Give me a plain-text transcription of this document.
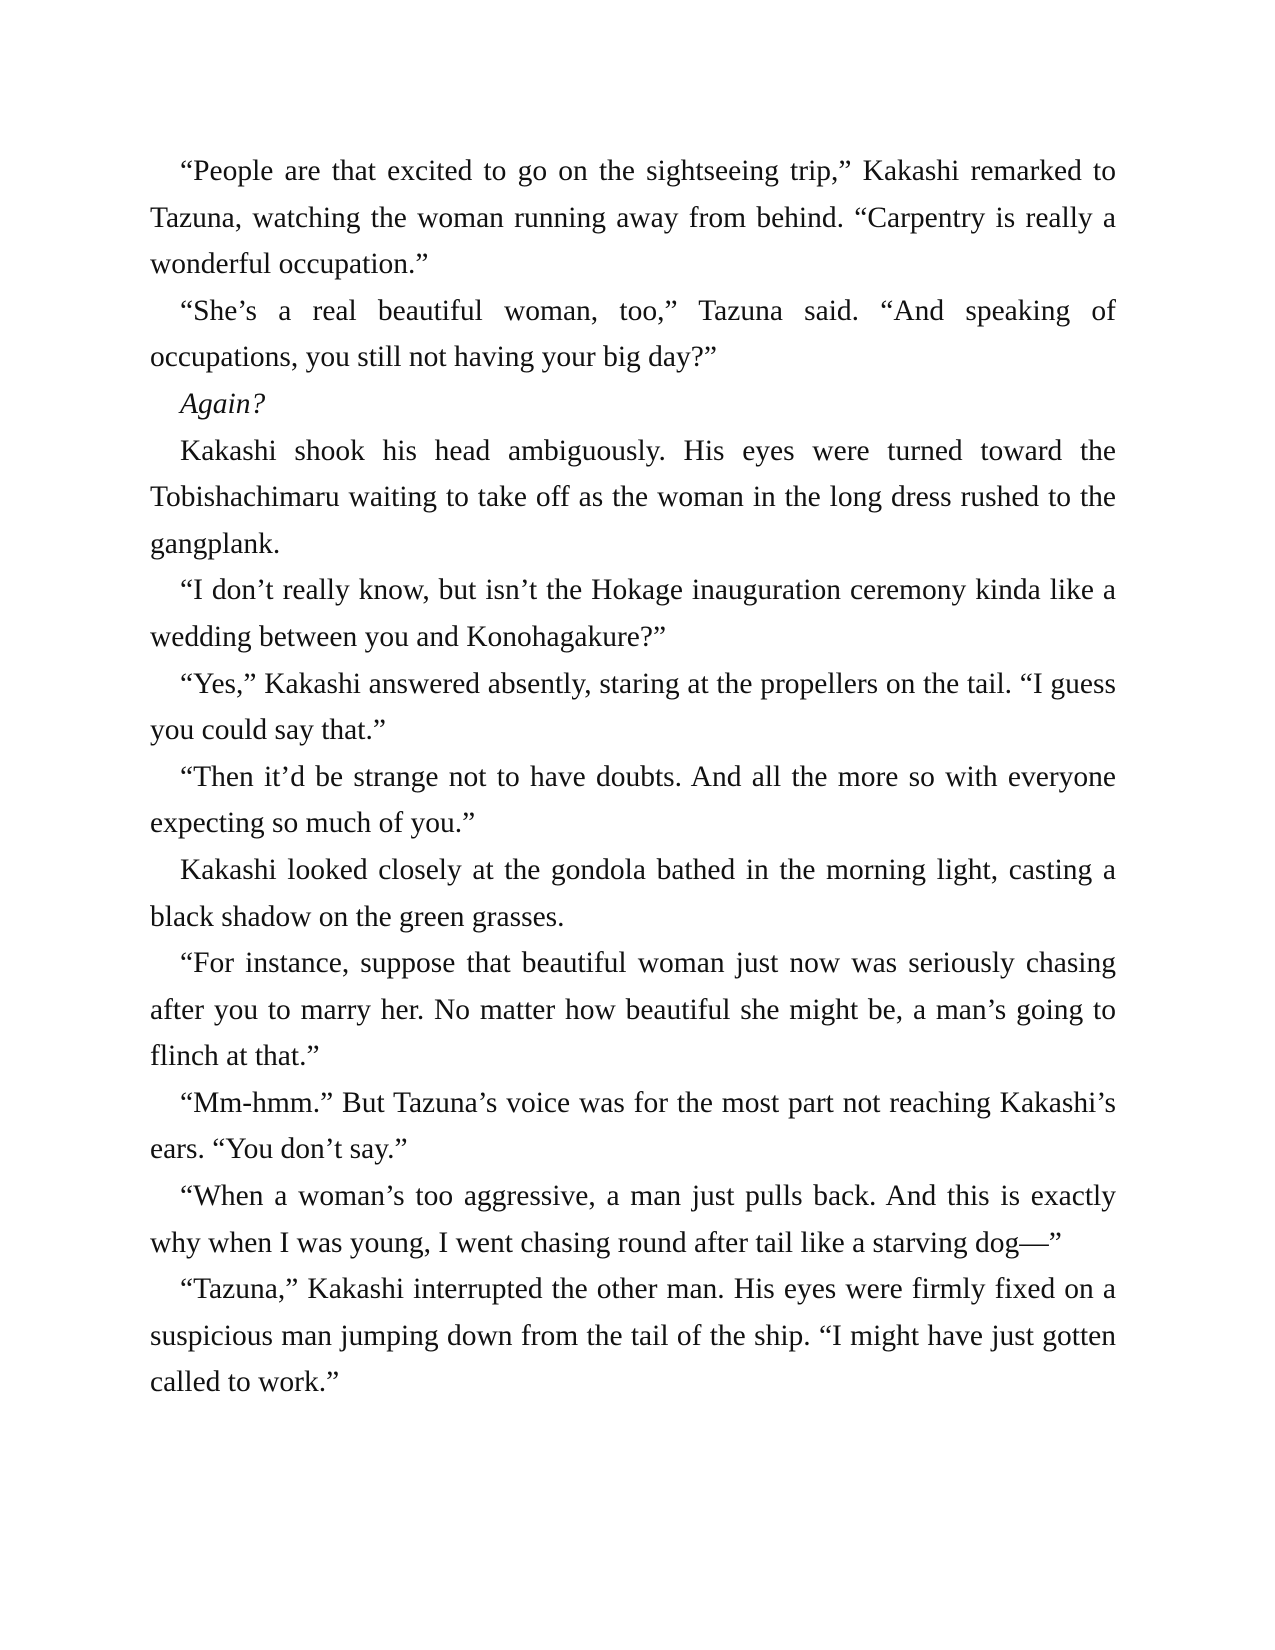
“People are that excited to go on the sightseeing trip,” Kakashi remarked to Tazuna, watching the woman running away from behind. “Carpentry is really a wonderful occupation.”

“She’s a real beautiful woman, too,” Tazuna said. “And speaking of occupations, you still not having your big day?”

Again?

Kakashi shook his head ambiguously. His eyes were turned toward the Tobishachimaru waiting to take off as the woman in the long dress rushed to the gangplank.

“I don’t really know, but isn’t the Hokage inauguration ceremony kinda like a wedding between you and Konohagakure?”

“Yes,” Kakashi answered absently, staring at the propellers on the tail. “I guess you could say that.”

“Then it’d be strange not to have doubts. And all the more so with everyone expecting so much of you.”

Kakashi looked closely at the gondola bathed in the morning light, casting a black shadow on the green grasses.

“For instance, suppose that beautiful woman just now was seriously chasing after you to marry her. No matter how beautiful she might be, a man’s going to flinch at that.”

“Mm-hmm.” But Tazuna’s voice was for the most part not reaching Kakashi’s ears. “You don’t say.”

“When a woman’s too aggressive, a man just pulls back. And this is exactly why when I was young, I went chasing round after tail like a starving dog—”

“Tazuna,” Kakashi interrupted the other man. His eyes were firmly fixed on a suspicious man jumping down from the tail of the ship. “I might have just gotten called to work.”
